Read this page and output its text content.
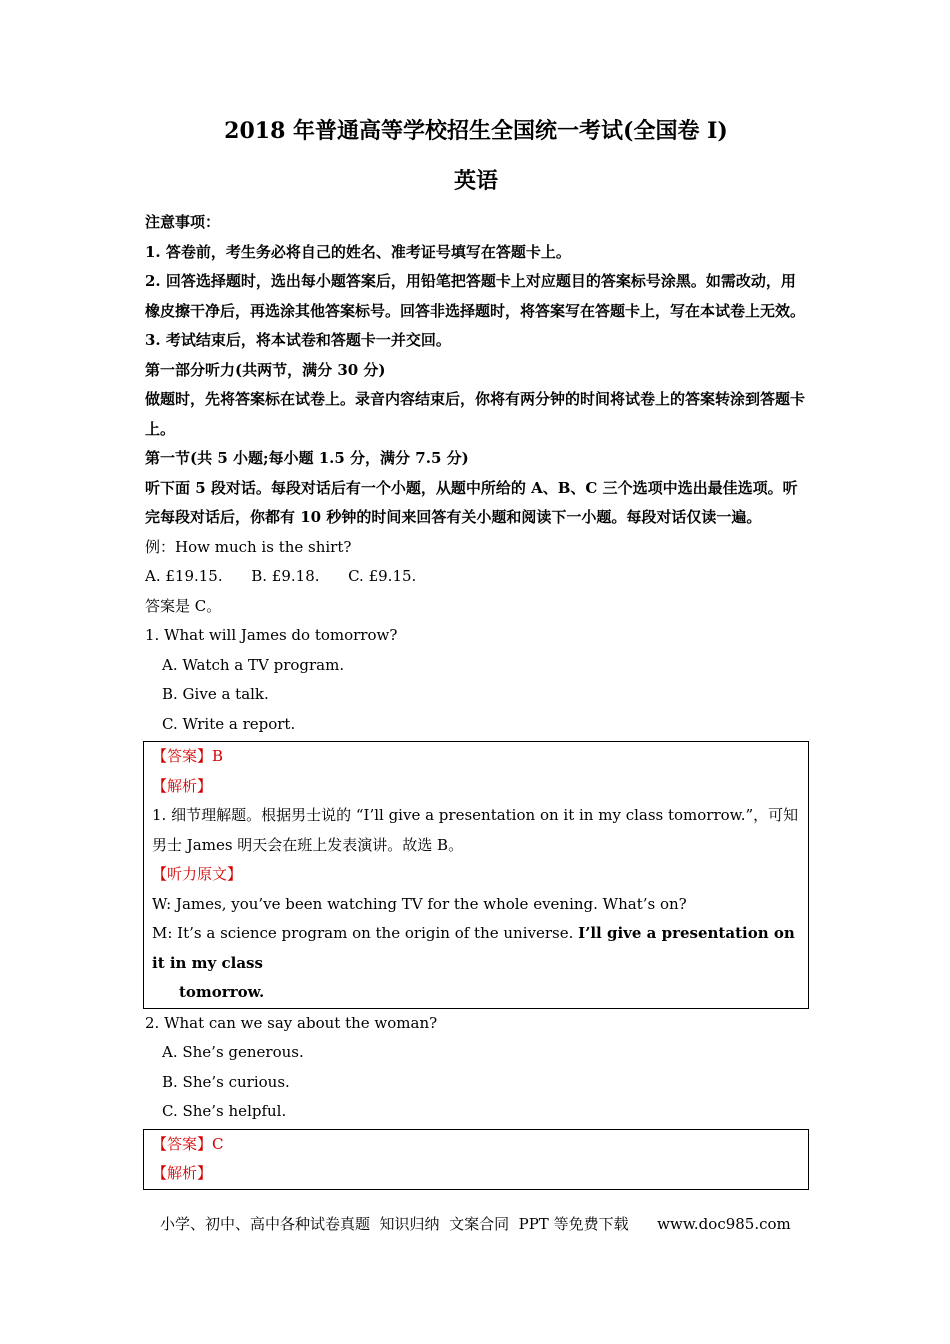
2018 年普通高等学校招生全国统一考试(全国卷 I)

英语

注意事项：

1. 答卷前，考生务必将自己的姓名、准考证号填写在答题卡上。

2. 回答选择题时，选出每小题答案后，用铅笔把答题卡上对应题目的答案标号涂黑。如需改动，用橡皮擦干净后，再选涂其他答案标号。回答非选择题时，将答案写在答题卡上，写在本试卷上无效。

3. 考试结束后，将本试卷和答题卡一并交回。

第一部分听力(共两节，满分 30 分)

做题时，先将答案标在试卷上。录音内容结束后，你将有两分钟的时间将试卷上的答案转涂到答题卡上。

第一节(共 5 小题;每小题 1.5 分，满分 7.5 分)

听下面 5 段对话。每段对话后有一个小题，从题中所给的 A、B、C 三个选项中选出最佳选项。听完每段对话后，你都有 10 秒钟的时间来回答有关小题和阅读下一小题。每段对话仅读一遍。

例：How much is the shirt?

A. £19.15.      B. £9.18.      C. £9.15.

答案是 C。

1. What will James do tomorrow?

A. Watch a TV program.

B. Give a talk.

C. Write a report.

【答案】B

【解析】

1. 细节理解题。根据男士说的 “I’ll give a presentation on it in my class tomorrow.”，可知男士 James 明天会在班上发表演讲。故选 B。

【听力原文】

W: James, you’ve been watching TV for the whole evening. What’s on?

M: It’s a science program on the origin of the universe. I’ll give a presentation on it in my class

tomorrow.

2. What can we say about the woman?

A. She’s generous.

B. She’s curious.

C. She’s helpful.

【答案】C

【解析】

小学、初中、高中各种试卷真题  知识归纳  文案合同  PPT 等免费下载      www.doc985.com
